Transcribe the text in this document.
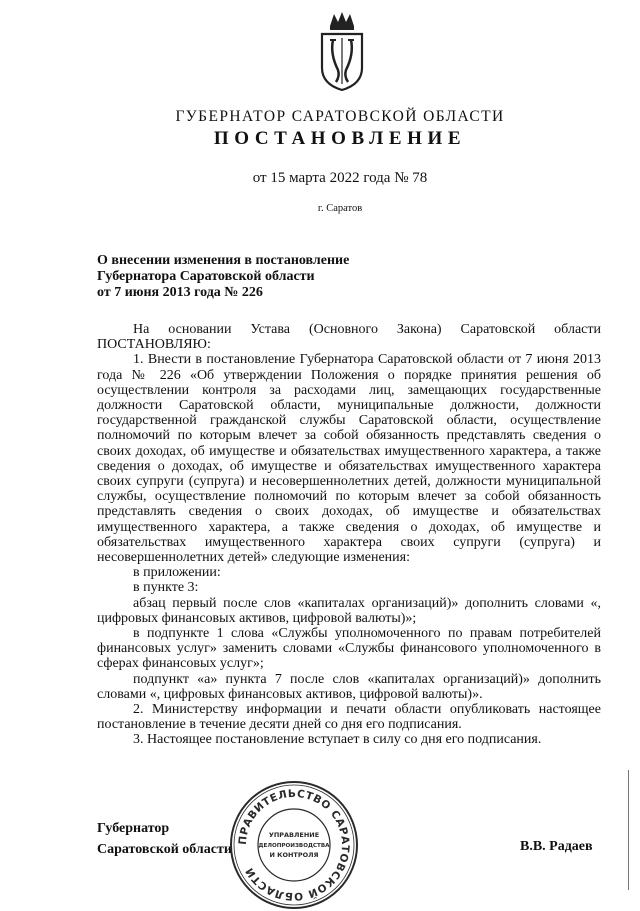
ГУБЕРНАТОР САРАТОВСКОЙ ОБЛАСТИ
ПОСТАНОВЛЕНИЕ
от 15 марта 2022 года № 78
г. Саратов
О внесении изменения в постановление
Губернатора Саратовской области
от 7 июня 2013 года № 226

На основании Устава (Основного Закона) Саратовской области ПОСТАНОВЛЯЮ:

1. Внести в постановление Губернатора Саратовской области от 7 июня 2013 года № 226 «Об утверждении Положения о порядке принятия решения об осуществлении контроля за расходами лиц, замещающих государственные должности Саратовской области, муниципальные должности, должности государственной гражданской службы Саратовской области, осуществление полномочий по которым влечет за собой обязанность представлять сведения о своих доходах, об имуществе и обязательствах имущественного характера, а также сведения о доходах, об имуществе и обязательствах имущественного характера своих супруги (супруга) и несовершеннолетних детей, должности муниципальной службы, осуществление полномочий по которым влечет за собой обязанность представлять сведения о своих доходах, об имуществе и обязательствах имущественного характера, а также сведения о доходах, об имуществе и обязательствах имущественного характера своих супруги (супруга) и несовершеннолетних детей» следующие изменения:

в приложении:

в пункте 3:

абзац первый после слов «капиталах организаций)» дополнить словами «, цифровых финансовых активов, цифровой валюты)»;

в подпункте 1 слова «Службы уполномоченного по правам потребителей финансовых услуг» заменить словами «Службы финансового уполномоченного в сферах финансовых услуг»;

подпункт «а» пункта 7 после слов «капиталах организаций)» дополнить словами «, цифровых финансовых активов, цифровой валюты)».

2. Министерству информации и печати области опубликовать настоящее постановление в течение десяти дней со дня его подписания.

3. Настоящее постановление вступает в силу со дня его подписания.

Губернатор
Саратовской области	В.В. Радаев
ПРАВИТЕЛЬСТВО САРАТОВСКОЙ ОБЛАСТИ
УПРАВЛЕНИЕ
ДЕЛОПРОИЗВОДСТВА
И КОНТРОЛЯ
